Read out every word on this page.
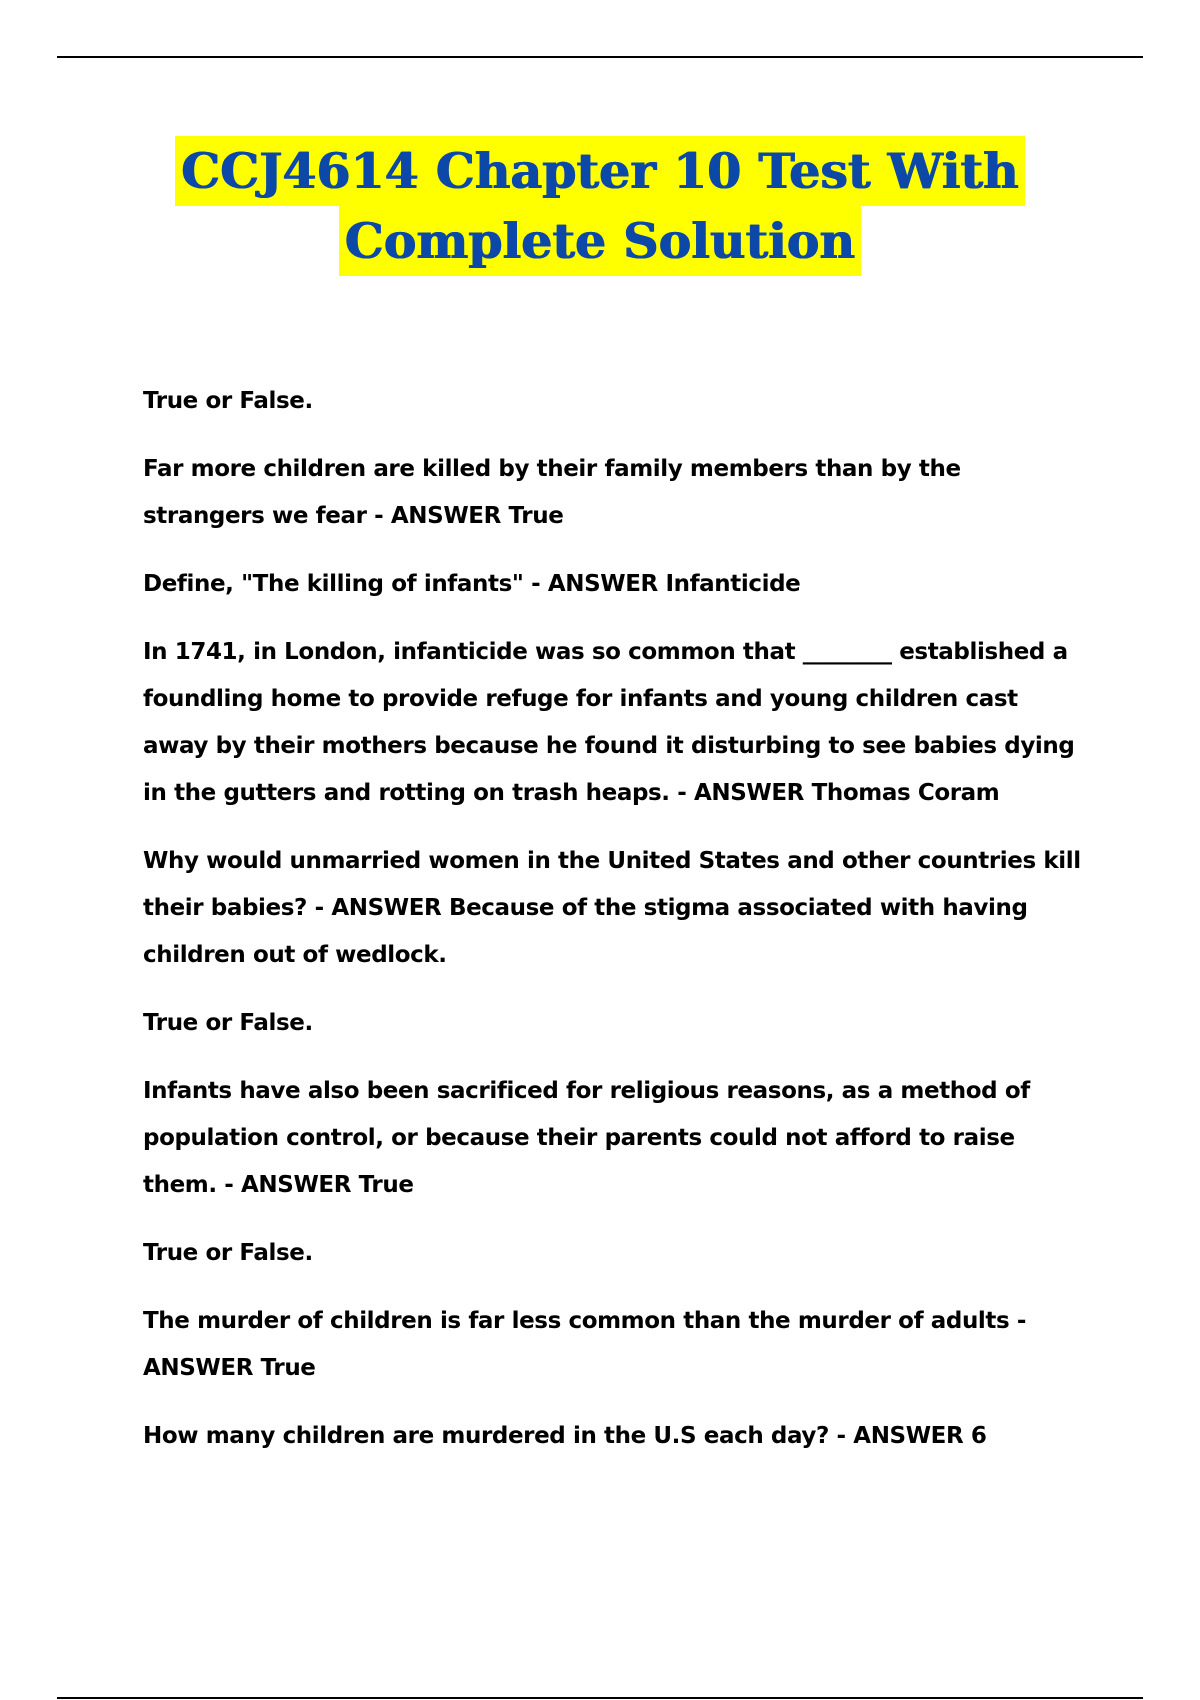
CCJ4614 Chapter 10 Test With
Complete Solution

True or False.

Far more children are killed by their family members than by the strangers we fear - ANSWER True

Define, "The killing of infants" - ANSWER Infanticide

In 1741, in London, infanticide was so common that ________ established a foundling home to provide refuge for infants and young children cast away by their mothers because he found it disturbing to see babies dying in the gutters and rotting on trash heaps. - ANSWER Thomas Coram

Why would unmarried women in the United States and other countries kill their babies? - ANSWER Because of the stigma associated with having children out of wedlock.

True or False.

Infants have also been sacrificed for religious reasons, as a method of population control, or because their parents could not afford to raise them. - ANSWER True

True or False.

The murder of children is far less common than the murder of adults - ANSWER True

How many children are murdered in the U.S each day? - ANSWER 6
